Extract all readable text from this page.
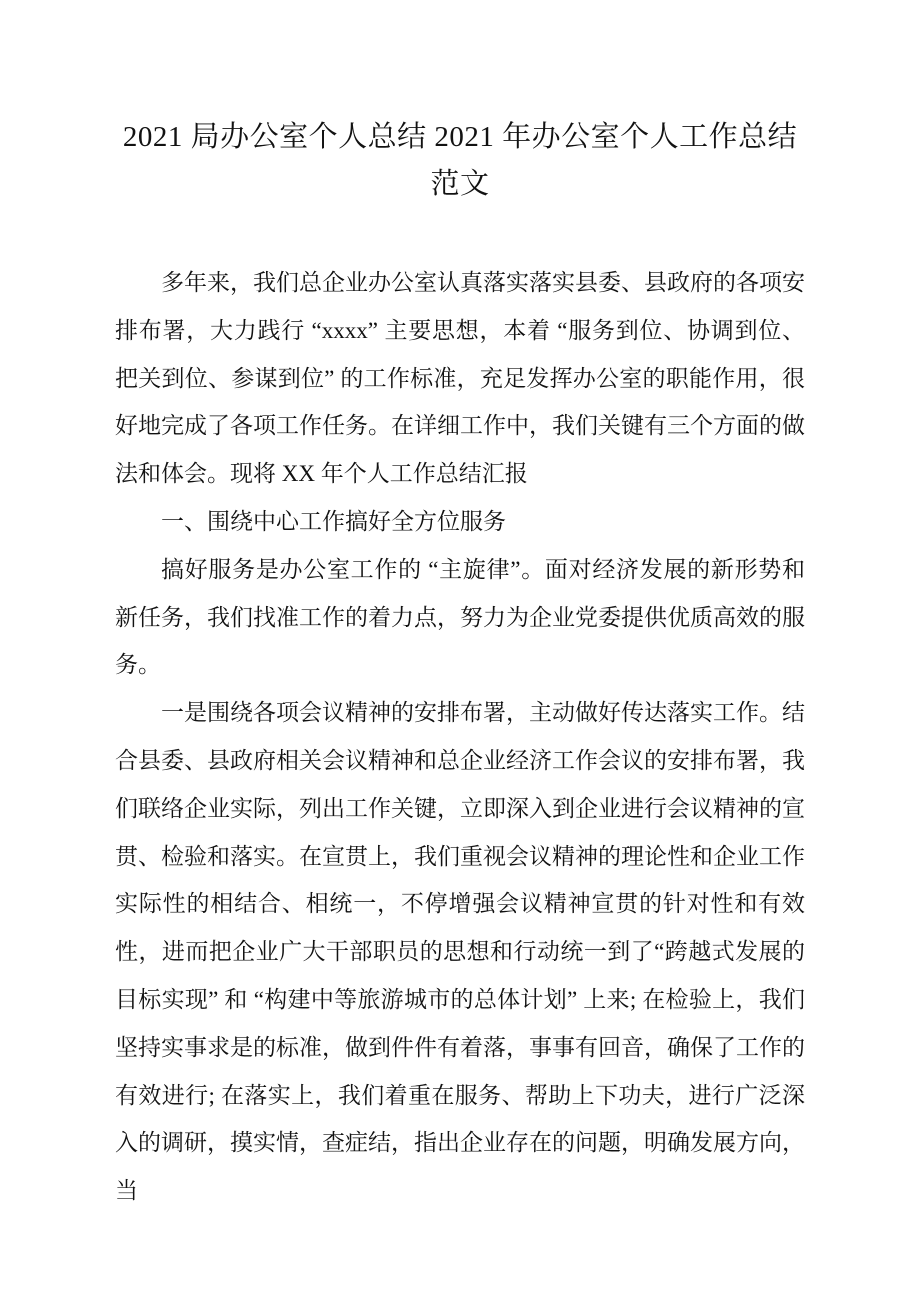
2021 局办公室个人总结 2021 年办公室个人工作总结范文

多年来，我们总企业办公室认真落实落实县委、县政府的各项安排布署，大力践行 “xxxx” 主要思想，本着 “服务到位、协调到位、把关到位、参谋到位” 的工作标准，充足发挥办公室的职能作用，很好地完成了各项工作任务。在详细工作中，我们关键有三个方面的做法和体会。现将 XX 年个人工作总结汇报

一、围绕中心工作搞好全方位服务

搞好服务是办公室工作的 “主旋律”。面对经济发展的新形势和新任务，我们找准工作的着力点，努力为企业党委提供优质高效的服务。

一是围绕各项会议精神的安排布署，主动做好传达落实工作。结合县委、县政府相关会议精神和总企业经济工作会议的安排布署，我们联络企业实际，列出工作关键，立即深入到企业进行会议精神的宣贯、检验和落实。在宣贯上，我们重视会议精神的理论性和企业工作实际性的相结合、相统一，不停增强会议精神宣贯的针对性和有效性，进而把企业广大干部职员的思想和行动统一到了“跨越式发展的目标实现” 和 “构建中等旅游城市的总体计划” 上来; 在检验上，我们坚持实事求是的标准，做到件件有着落，事事有回音，确保了工作的有效进行; 在落实上，我们着重在服务、帮助上下功夫，进行广泛深入的调研，摸实情，查症结，指出企业存在的问题，明确发展方向，当
